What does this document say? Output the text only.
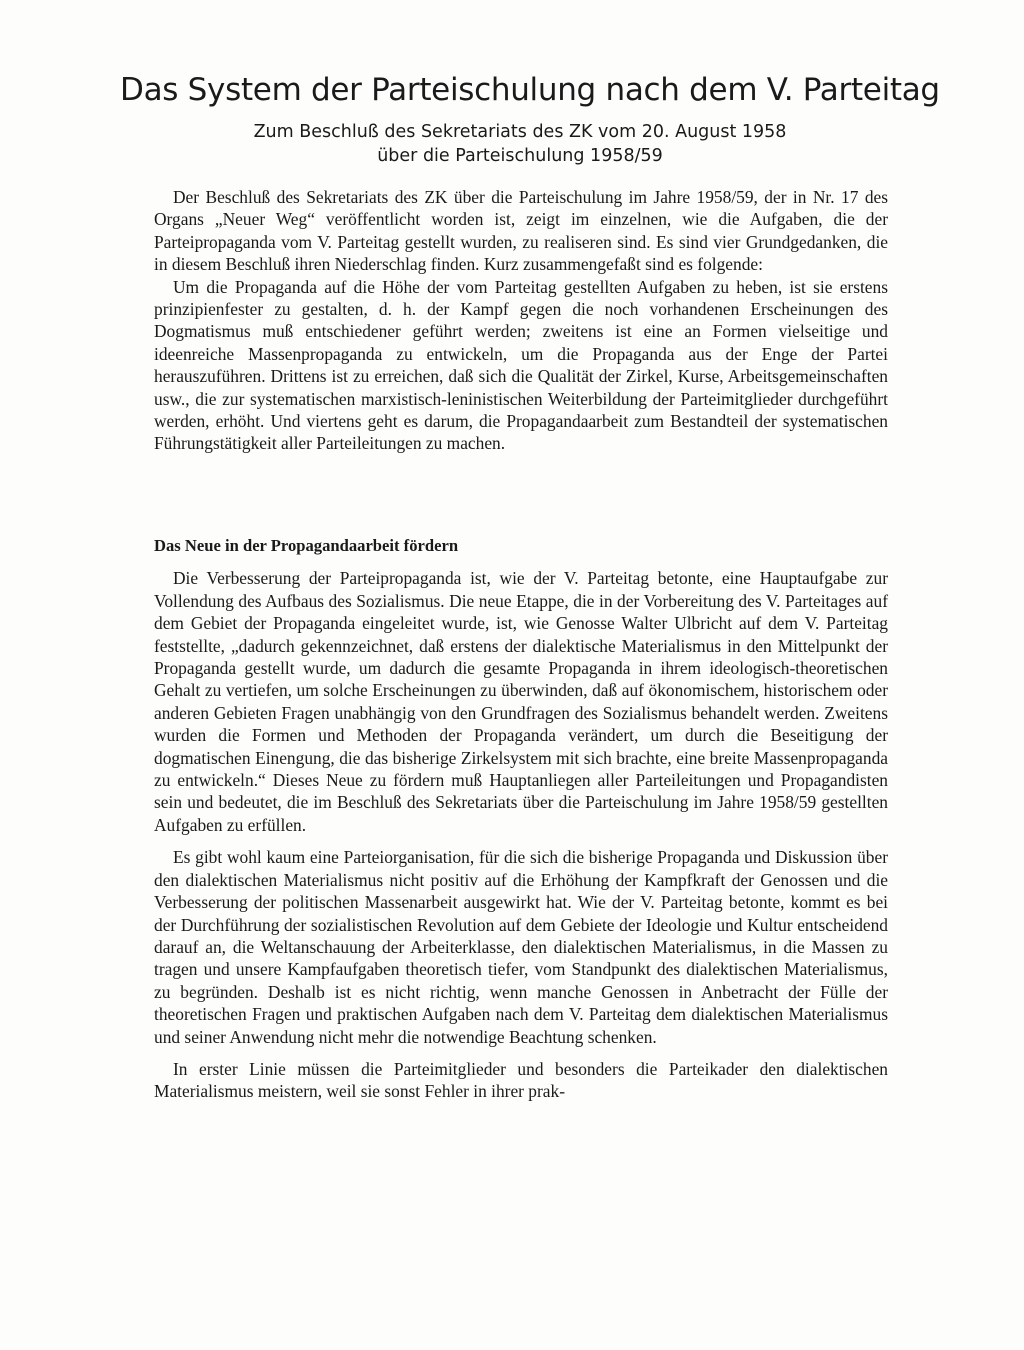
Das System der Parteischulung nach dem V. Parteitag

Zum Beschluß des Sekretariats des ZK vom 20. August 1958

über die Parteischulung 1958/59

Der Beschluß des Sekretariats des ZK über die Parteischulung im Jahre 1958/59, der in Nr. 17 des Organs „Neuer Weg“ veröffentlicht worden ist, zeigt im einzelnen, wie die Aufgaben, die der Parteipropaganda vom V. Parteitag gestellt wurden, zu realiseren sind. Es sind vier Grundgedanken, die in diesem Beschluß ihren Niederschlag finden. Kurz zusammengefaßt sind es folgende:

Um die Propaganda auf die Höhe der vom Parteitag gestellten Aufgaben zu heben, ist sie erstens prinzipienfester zu gestalten, d. h. der Kampf gegen die noch vorhandenen Erscheinungen des Dogmatismus muß entschiedener geführt werden; zweitens ist eine an Formen vielseitige und ideenreiche Massenpropaganda zu entwickeln, um die Propaganda aus der Enge der Partei herauszuführen. Drittens ist zu erreichen, daß sich die Qualität der Zirkel, Kurse, Arbeitsgemeinschaften usw., die zur systematischen marxistisch-leninistischen Weiterbildung der Parteimitglieder durchgeführt werden, erhöht. Und viertens geht es darum, die Propagandaarbeit zum Bestandteil der systematischen Führungstätigkeit aller Parteileitungen zu machen.

Das Neue in der Propagandaarbeit fördern

Die Verbesserung der Parteipropaganda ist, wie der V. Parteitag betonte, eine Hauptaufgabe zur Vollendung des Aufbaus des Sozialismus. Die neue Etappe, die in der Vorbereitung des V. Parteitages auf dem Gebiet der Propaganda eingeleitet wurde, ist, wie Genosse Walter Ulbricht auf dem V. Parteitag feststellte, „dadurch gekennzeichnet, daß erstens der dialektische Materialismus in den Mittelpunkt der Propaganda gestellt wurde, um dadurch die gesamte Propaganda in ihrem ideologisch-theoretischen Gehalt zu vertiefen, um solche Erscheinungen zu überwinden, daß auf ökonomischem, historischem oder anderen Gebieten Fragen unabhängig von den Grundfragen des Sozialismus behandelt werden. Zweitens wurden die Formen und Methoden der Propaganda verändert, um durch die Beseitigung der dogmatischen Einengung, die das bisherige Zirkelsystem mit sich brachte, eine breite Massenpropaganda zu entwickeln.“ Dieses Neue zu fördern muß Hauptanliegen aller Parteileitungen und Propagandisten sein und bedeutet, die im Beschluß des Sekretariats über die Parteischulung im Jahre 1958/59 gestellten Aufgaben zu erfüllen.

Es gibt wohl kaum eine Parteiorganisation, für die sich die bisherige Propaganda und Diskussion über den dialektischen Materialismus nicht positiv auf die Erhöhung der Kampfkraft der Genossen und die Verbesserung der politischen Massenarbeit ausgewirkt hat. Wie der V. Parteitag betonte, kommt es bei der Durchführung der sozialistischen Revolution auf dem Gebiete der Ideologie und Kultur entscheidend darauf an, die Weltanschauung der Arbeiterklasse, den dialektischen Materialismus, in die Massen zu tragen und unsere Kampfaufgaben theoretisch tiefer, vom Standpunkt des dialektischen Materialismus, zu begründen. Deshalb ist es nicht richtig, wenn manche Genossen in Anbetracht der Fülle der theoretischen Fragen und praktischen Aufgaben nach dem V. Parteitag dem dialektischen Materialismus und seiner Anwendung nicht mehr die notwendige Beachtung schenken.

In erster Linie müssen die Parteimitglieder und besonders die Parteikader den dialektischen Materialismus meistern, weil sie sonst Fehler in ihrer prak-
